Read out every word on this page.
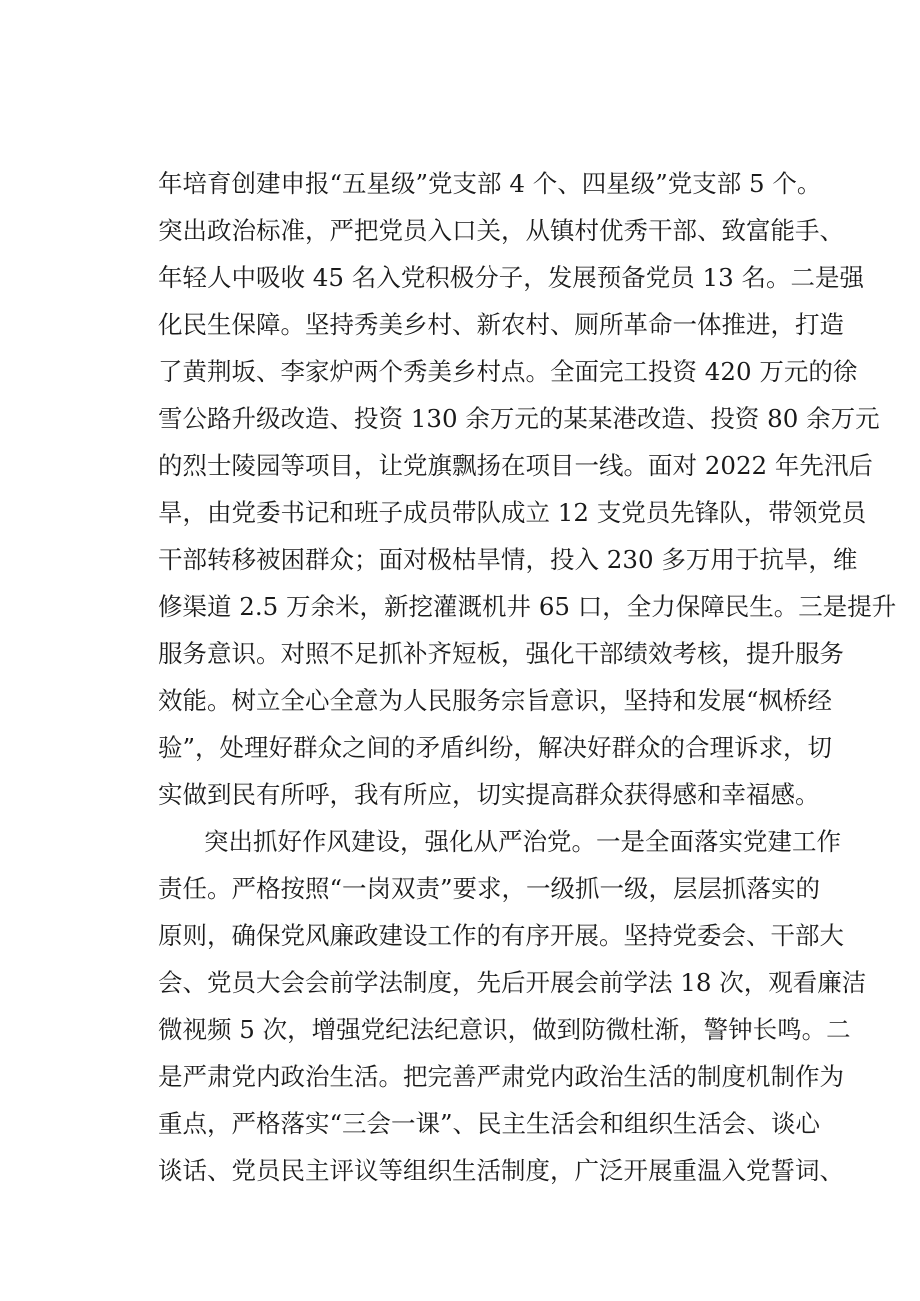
年培育创建申报“五星级”党支部 4 个、四星级”党支部 5 个。
突出政治标准，严把党员入口关，从镇村优秀干部、致富能手、
年轻人中吸收 45 名入党积极分子，发展预备党员 13 名。二是强
化民生保障。坚持秀美乡村、新农村、厕所革命一体推进，打造
了黄荆坂、李家炉两个秀美乡村点。全面完工投资 420 万元的徐
雪公路升级改造、投资 130 余万元的某某港改造、投资 80 余万元
的烈士陵园等项目，让党旗飘扬在项目一线。面对 2022 年先汛后
旱，由党委书记和班子成员带队成立 12 支党员先锋队，带领党员
干部转移被困群众；面对极枯旱情，投入 230 多万用于抗旱，维
修渠道 2.5 万余米，新挖灌溉机井 65 口，全力保障民生。三是提升
服务意识。对照不足抓补齐短板，强化干部绩效考核，提升服务
效能。树立全心全意为人民服务宗旨意识，坚持和发展“枫桥经
验”，处理好群众之间的矛盾纠纷，解决好群众的合理诉求，切
实做到民有所呼，我有所应，切实提高群众获得感和幸福感。
突出抓好作风建设，强化从严治党。一是全面落实党建工作
责任。严格按照“一岗双责”要求，一级抓一级，层层抓落实的
原则，确保党风廉政建设工作的有序开展。坚持党委会、干部大
会、党员大会会前学法制度，先后开展会前学法 18 次，观看廉洁
微视频 5 次，增强党纪法纪意识，做到防微杜渐，警钟长鸣。二
是严肃党内政治生活。把完善严肃党内政治生活的制度机制作为
重点，严格落实“三会一课”、民主生活会和组织生活会、谈心
谈话、党员民主评议等组织生活制度，广泛开展重温入党誓词、
